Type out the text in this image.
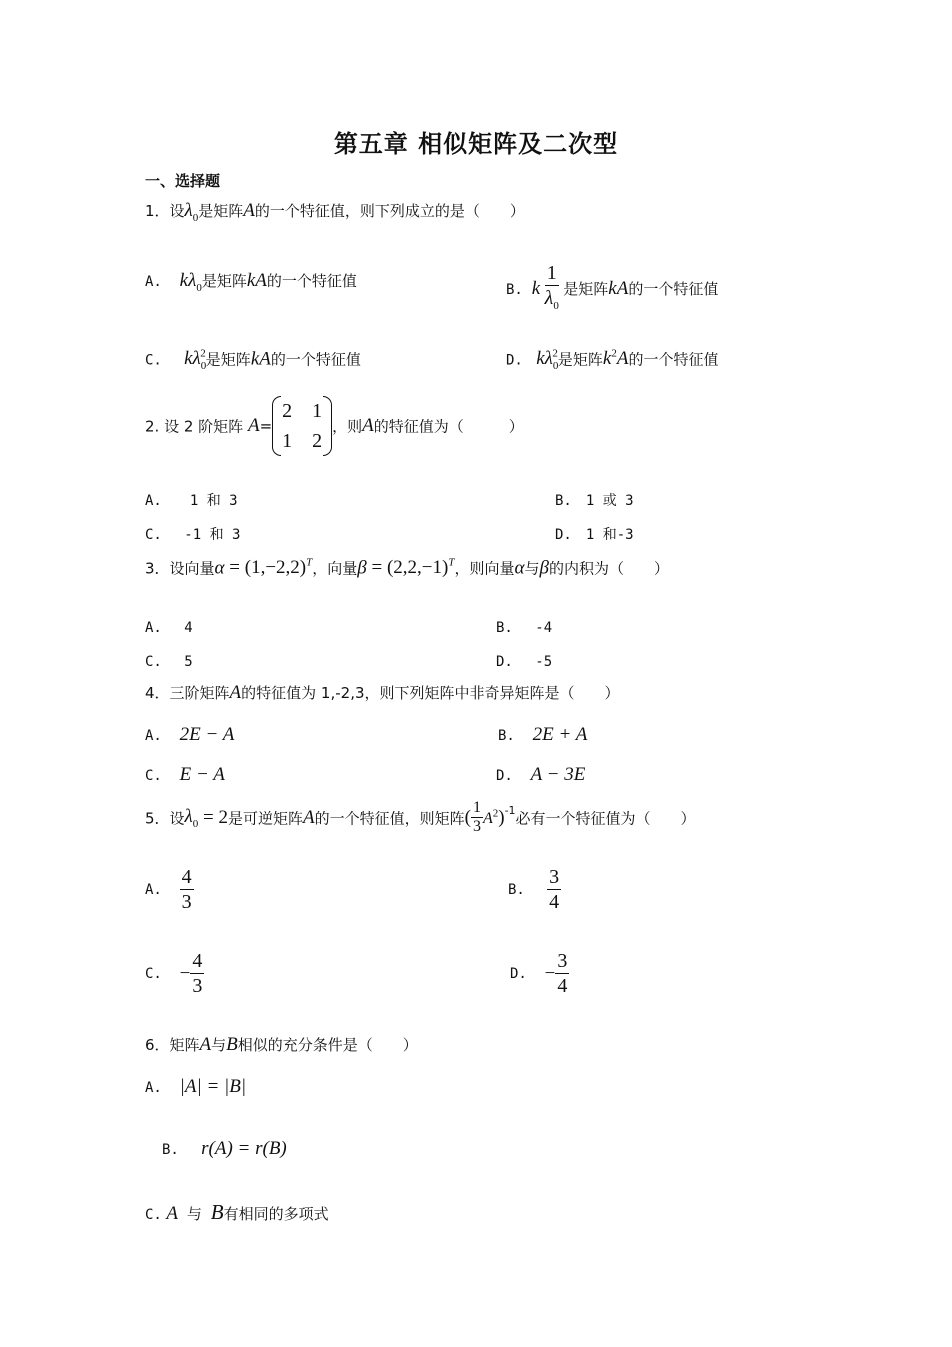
第五章 相似矩阵及二次型
一、选择题
1．设$\lambda_0$是矩阵A的一个特征值，则下列成立的是（　　）
A. $k\lambda_0$是矩阵kA的一个特征值	B. k $\frac{1}{\lambda_0}$ 是矩阵kA的一个特征值
C. $k\lambda_0^2$是矩阵kA的一个特征值	D. $k\lambda_0^2$是矩阵$k^2A$的一个特征值
2. 设 2 阶矩阵 A=
2 1
1 2
，则A的特征值为（　　　）
A.　　1 和 3	B.　1 或 3
C.　 -1 和 3	D.　1 和-3
3．设向量$\alpha = (1,-2,2)^T$，向量$\beta = (2,2,-1)^T$，则向量α与β的内积为（　　）
A.　 4	B.　 -4
C.　 5	D.　 -5
4．三阶矩阵A的特征值为 1,-2,3，则下列矩阵中非奇异矩阵是（　　）
A. 2E − A	B. 2E + A
C. E − A	D. A − 3E
5．设$\lambda_0 = 2$是可逆矩阵A的一个特征值，则矩阵( $\frac{1}{3} A^2)^{-1}$必有一个特征值为（　　）
A. $\frac{4}{3}$	B. $\frac{3}{4}$
C. − $\frac{4}{3}$	D. − $\frac{3}{4}$
6．矩阵A与B相似的充分条件是（　　）
A. |A| = |B|
B. r(A) = r(B)
C. A 与 B有相同的多项式
